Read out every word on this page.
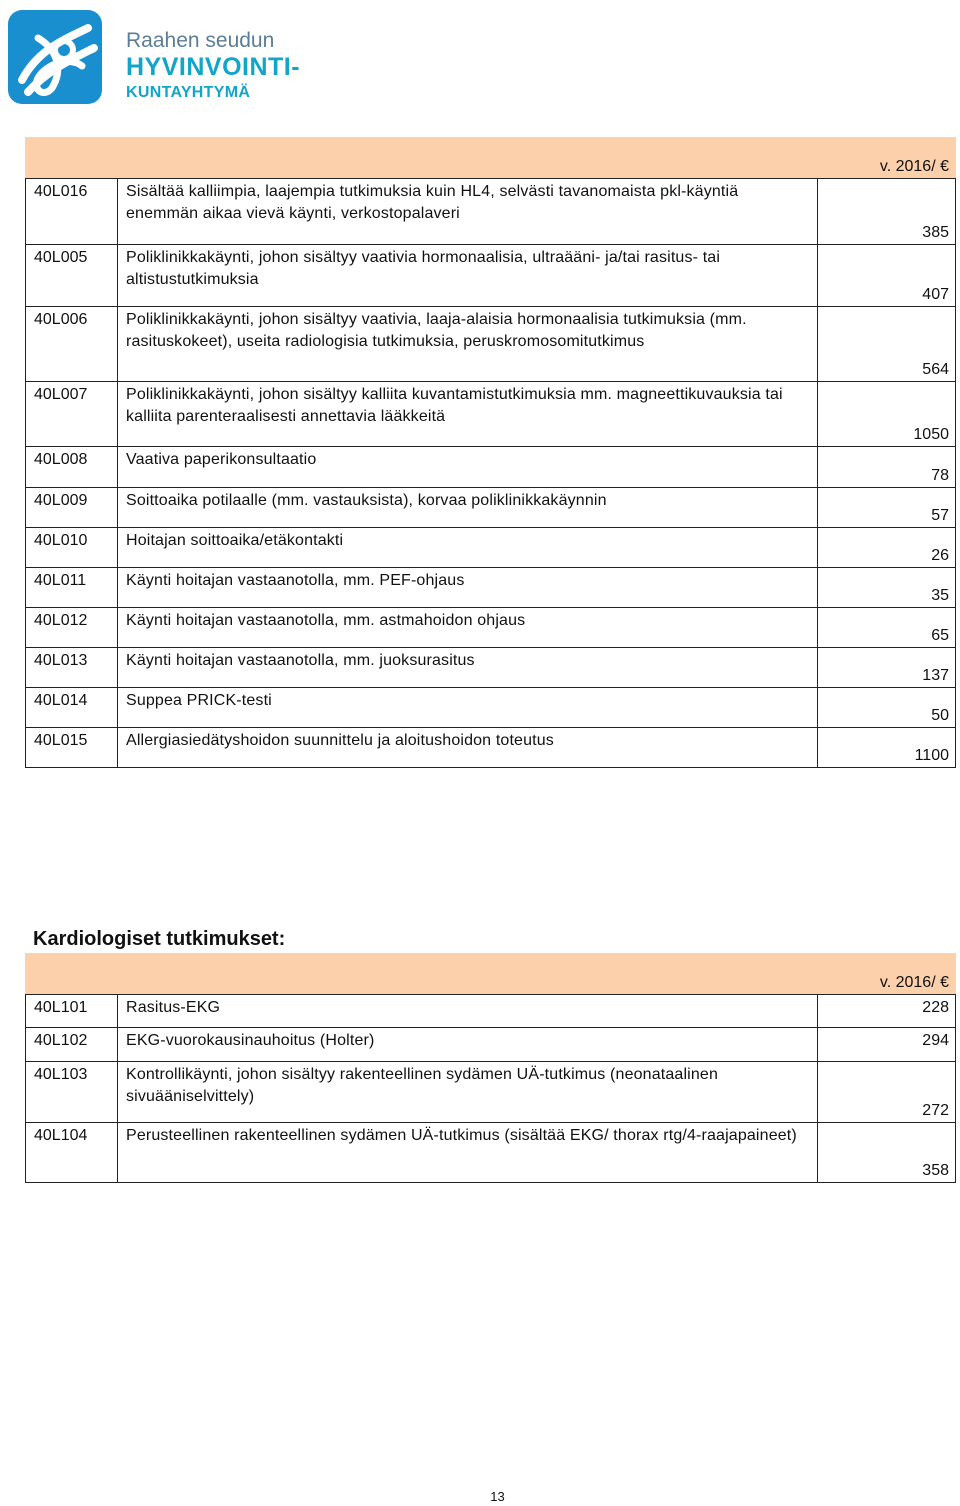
Raahen seudun
HYVINVOINTI-
KUNTAYHTYMÄ
		v. 2016/ €
40L016	Sisältää kalliimpia, laajempia tutkimuksia kuin HL4, selvästi tavanomaista pkl-käyntiä enemmän aikaa vievä käynti, verkostopalaveri	385
40L005	Poliklinikkakäynti, johon sisältyy vaativia hormonaalisia, ultraääni- ja/tai rasitus- tai altistustutkimuksia	407
40L006	Poliklinikkakäynti, johon sisältyy vaativia, laaja-alaisia hormonaalisia tutkimuksia (mm. rasituskokeet), useita radiologisia tutkimuksia, peruskromosomitutkimus	564
40L007	Poliklinikkakäynti, johon sisältyy kalliita kuvantamistutkimuksia mm. magneettikuvauksia tai kalliita parenteraalisesti annettavia lääkkeitä	1050
40L008	Vaativa paperikonsultaatio	78
40L009	Soittoaika potilaalle (mm. vastauksista), korvaa poliklinikkakäynnin	57
40L010	Hoitajan soittoaika/etäkontakti	26
40L011	Käynti hoitajan vastaanotolla, mm. PEF-ohjaus	35
40L012	Käynti hoitajan vastaanotolla, mm. astmahoidon ohjaus	65
40L013	Käynti hoitajan vastaanotolla, mm. juoksurasitus	137
40L014	Suppea PRICK-testi	50
40L015	Allergiasiedätyshoidon suunnittelu ja aloitushoidon toteutus	1100
Kardiologiset tutkimukset:
		v. 2016/ €
40L101	Rasitus-EKG	228
40L102	EKG-vuorokausinauhoitus (Holter)	294
40L103	Kontrollikäynti, johon sisältyy rakenteellinen sydämen UÄ-tutkimus (neonataalinen sivuääniselvittely)	272
40L104	Perusteellinen rakenteellinen sydämen UÄ-tutkimus (sisältää EKG/ thorax rtg/4-raajapaineet)	358
13
